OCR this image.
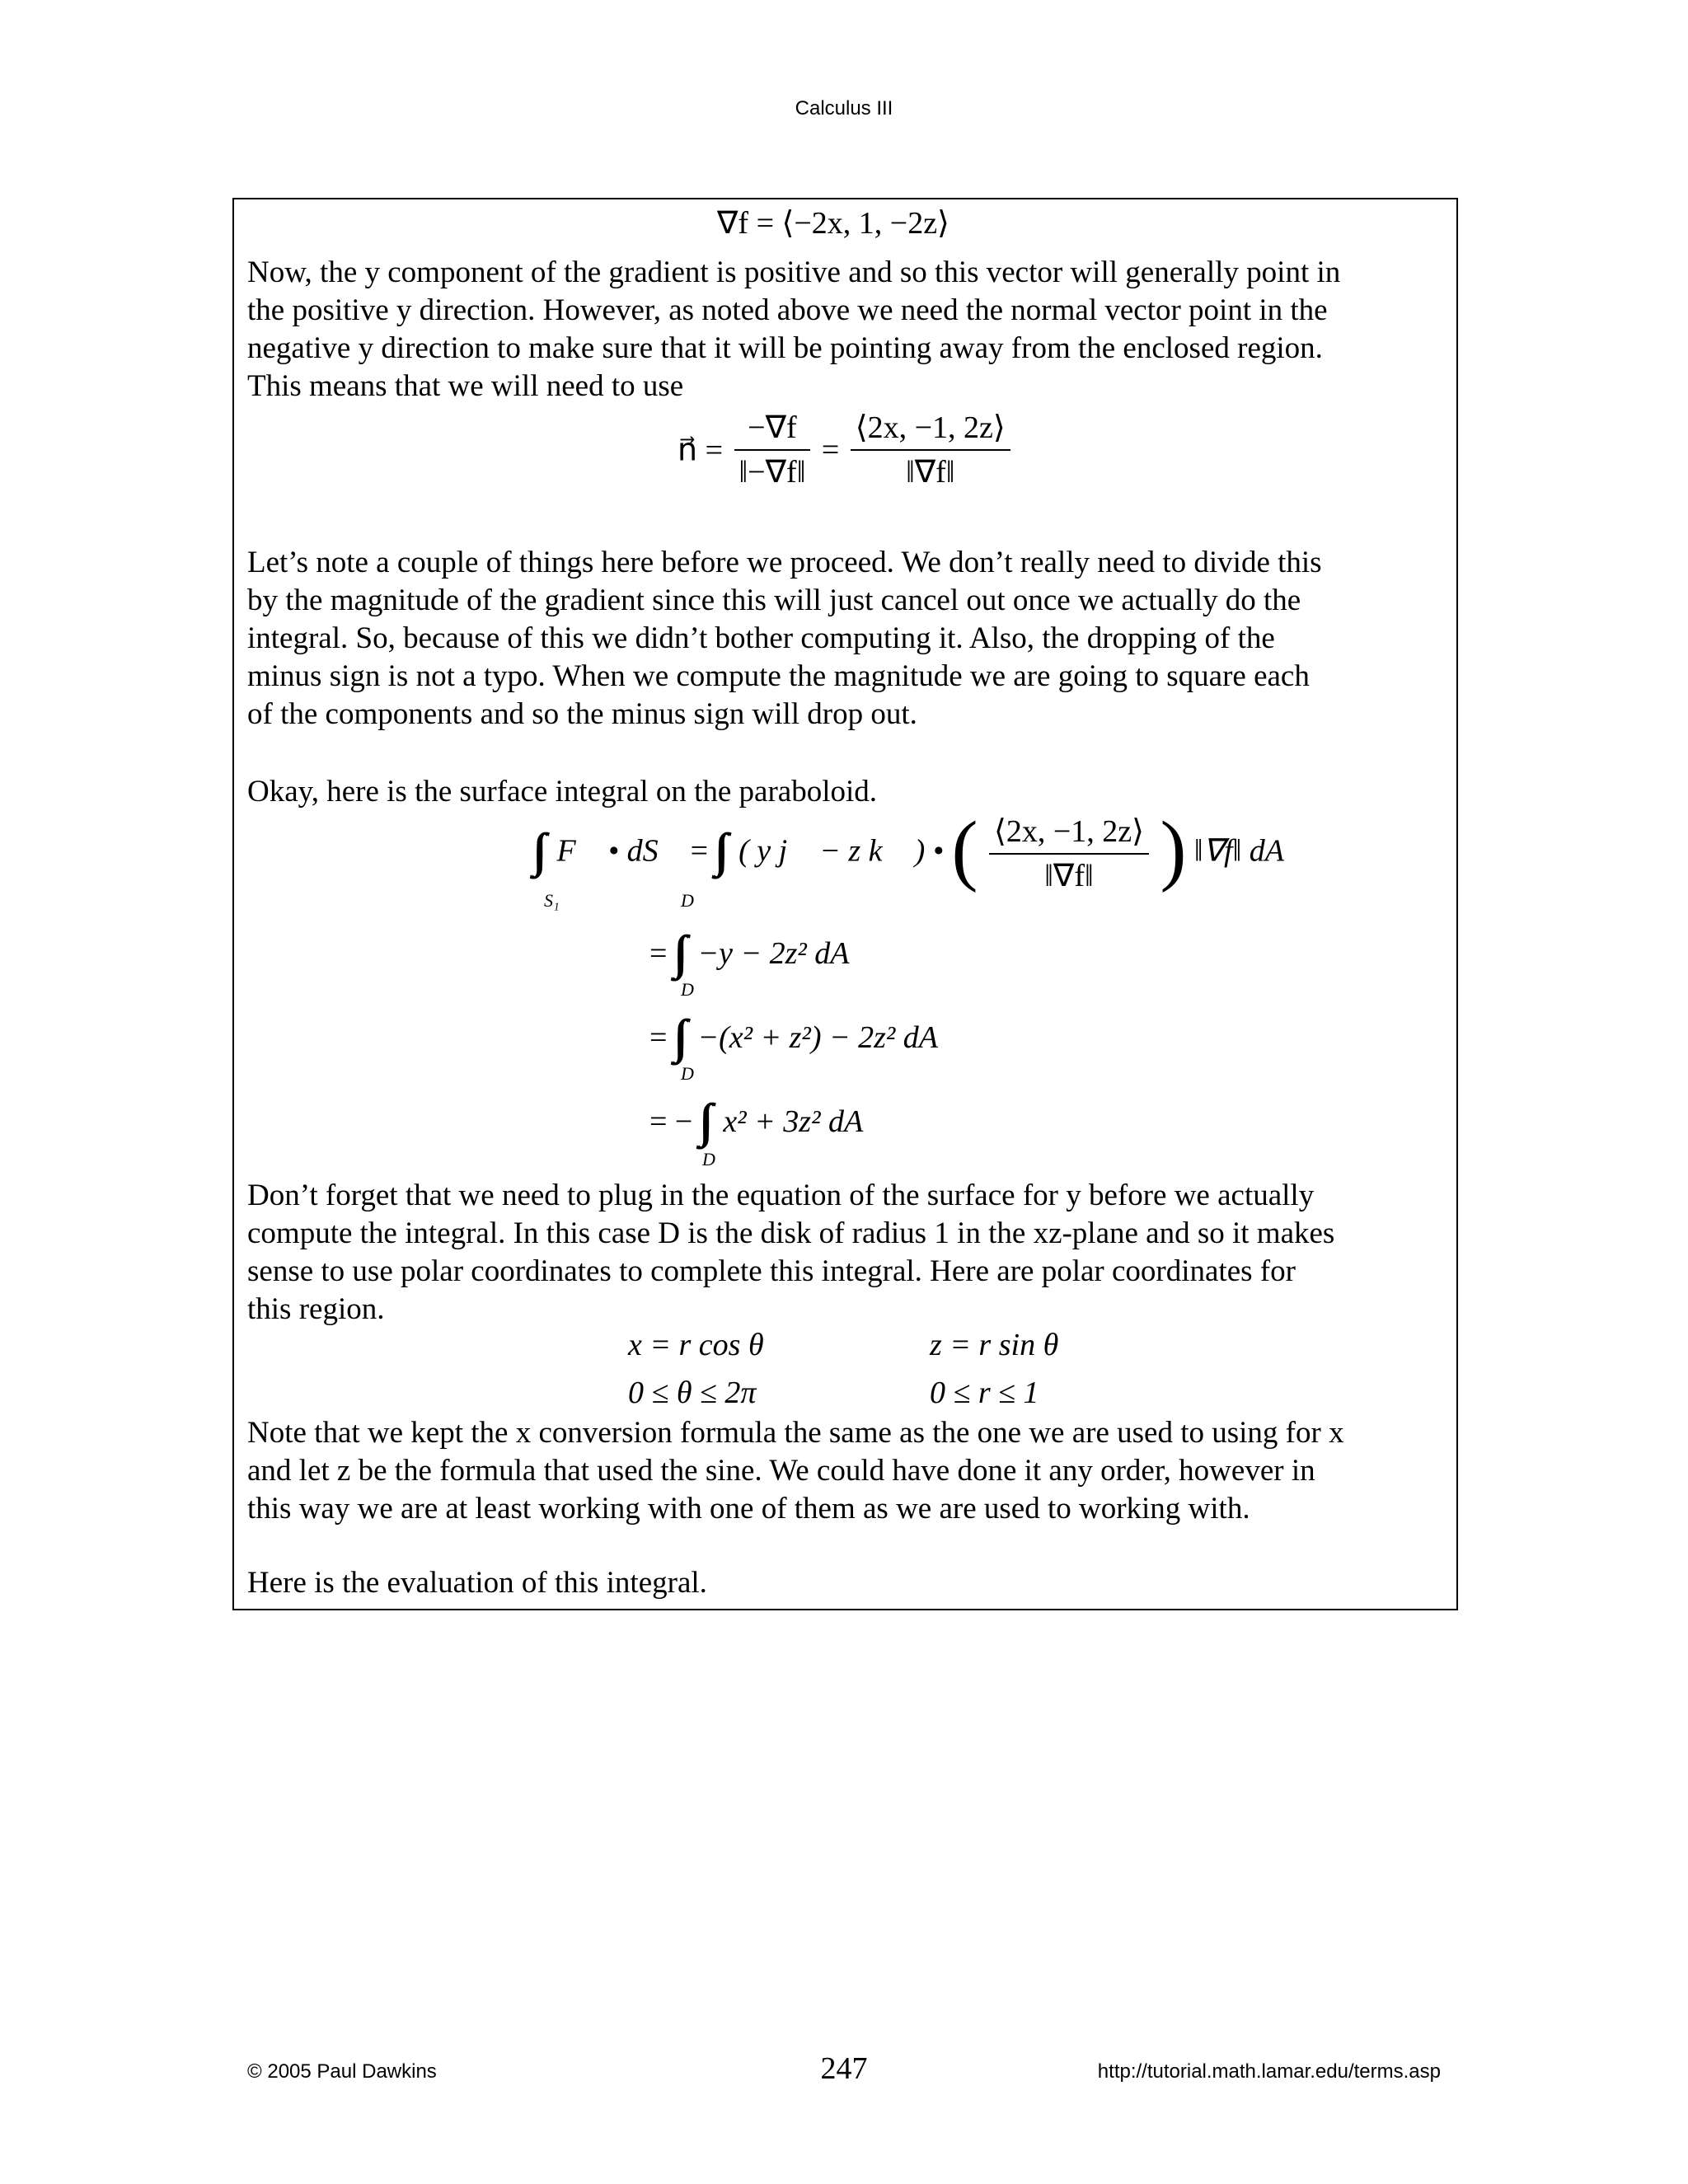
Calculus III
∇f = ⟨−2x, 1, −2z⟩

Now, the y component of the gradient is positive and so this vector will generally point in
the positive y direction. However, as noted above we need the normal vector point in the
negative y direction to make sure that it will be pointing away from the enclosed region.
This means that we will need to use

n⃗ = $\frac{-\nabla f}{‖-\nabla f‖} = \frac{⟨2x, -1, 2z⟩}{‖\nabla f‖}$

Let’s note a couple of things here before we proceed. We don’t really need to divide this
by the magnitude of the gradient since this will just cancel out once we actually do the
integral. So, because of this we didn’t bother computing it. Also, the dropping of the
minus sign is not a typo. When we compute the magnitude we are going to square each
of the components and so the minus sign will drop out.

Okay, here is the surface integral on the paraboloid.

F⃗ • dS⃗ = ( y j⃗ − z k⃗ ) • ( $\frac{⟨2x, -1, 2z⟩}{‖\nabla f‖}$ ) ‖∇f‖ dA
S₁	D
= −y − 2z² dA
D
= −(x² + z²) − 2z² dA
D
= − x² + 3z² dA
D

Don’t forget that we need to plug in the equation of the surface for y before we actually
compute the integral. In this case D is the disk of radius 1 in the xz-plane and so it makes
sense to use polar coordinates to complete this integral. Here are polar coordinates for
this region.

x = r cos θ	z = r sin θ
0 ≤ θ ≤ 2π	0 ≤ r ≤ 1

Note that we kept the x conversion formula the same as the one we are used to using for x
and let z be the formula that used the sine. We could have done it any order, however in
this way we are at least working with one of them as we are used to working with.

Here is the evaluation of this integral.

© 2005 Paul Dawkins	247	http://tutorial.math.lamar.edu/terms.asp
